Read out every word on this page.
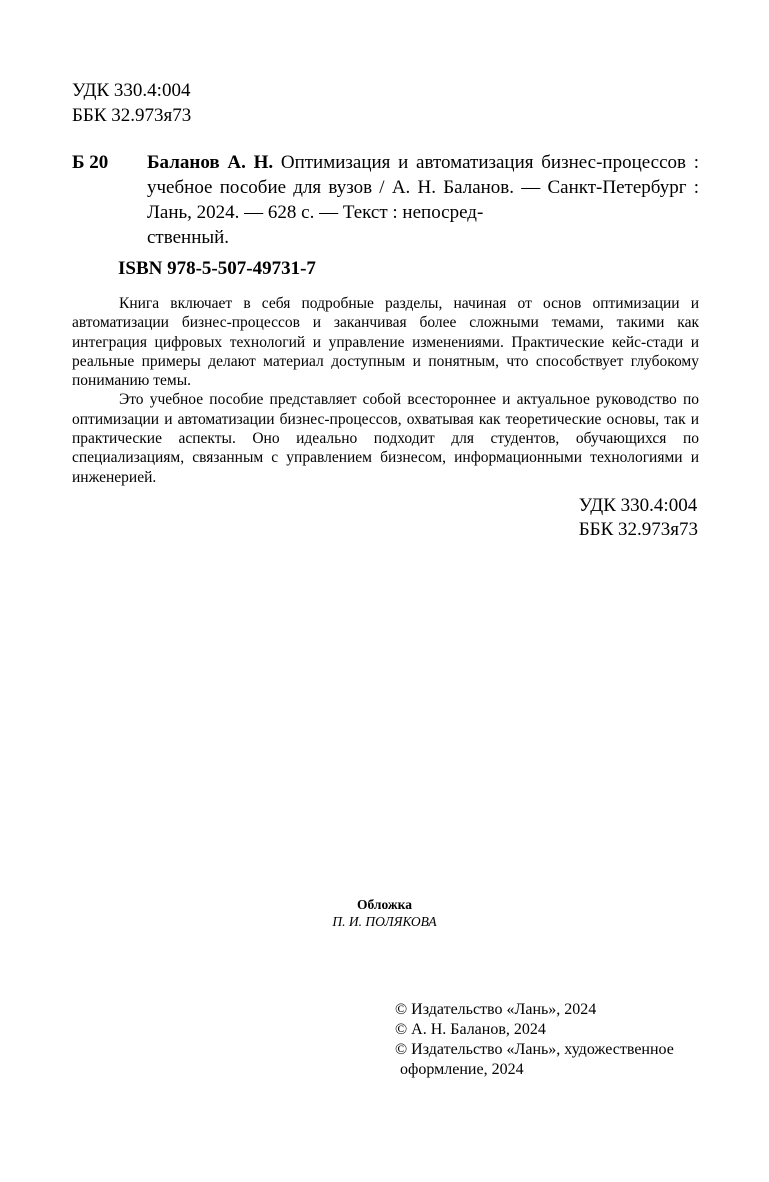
УДК 330.4:004
ББК 32.973я73
Б 20 Баланов А. Н. Оптимизация и автоматизация бизнес-процессов : учебное пособие для вузов / А. Н. Баланов. — Санкт-Петербург : Лань, 2024. — 628 с. — Текст : непосред-
ственный.
ISBN 978-5-507-49731-7

Книга включает в себя подробные разделы, начиная от основ оптимизации и автоматизации бизнес-процессов и заканчивая более сложными темами, такими как интеграция цифровых технологий и управление изменениями. Практические кейс-стади и реальные примеры делают материал доступным и понятным, что способствует глубокому пониманию темы.

Это учебное пособие представляет собой всестороннее и актуальное руководство по оптимизации и автоматизации бизнес-процессов, охватывая как теоретические основы, так и практические аспекты. Оно идеально подходит для студентов, обучающихся по специализациям, связанным с управлением бизнесом, информационными технологиями и инженерией.

УДК 330.4:004
ББК 32.973я73
Обложка
П. И. ПОЛЯКОВА
© Издательство «Лань», 2024
© А. Н. Баланов, 2024
© Издательство «Лань», художественное
оформление, 2024
